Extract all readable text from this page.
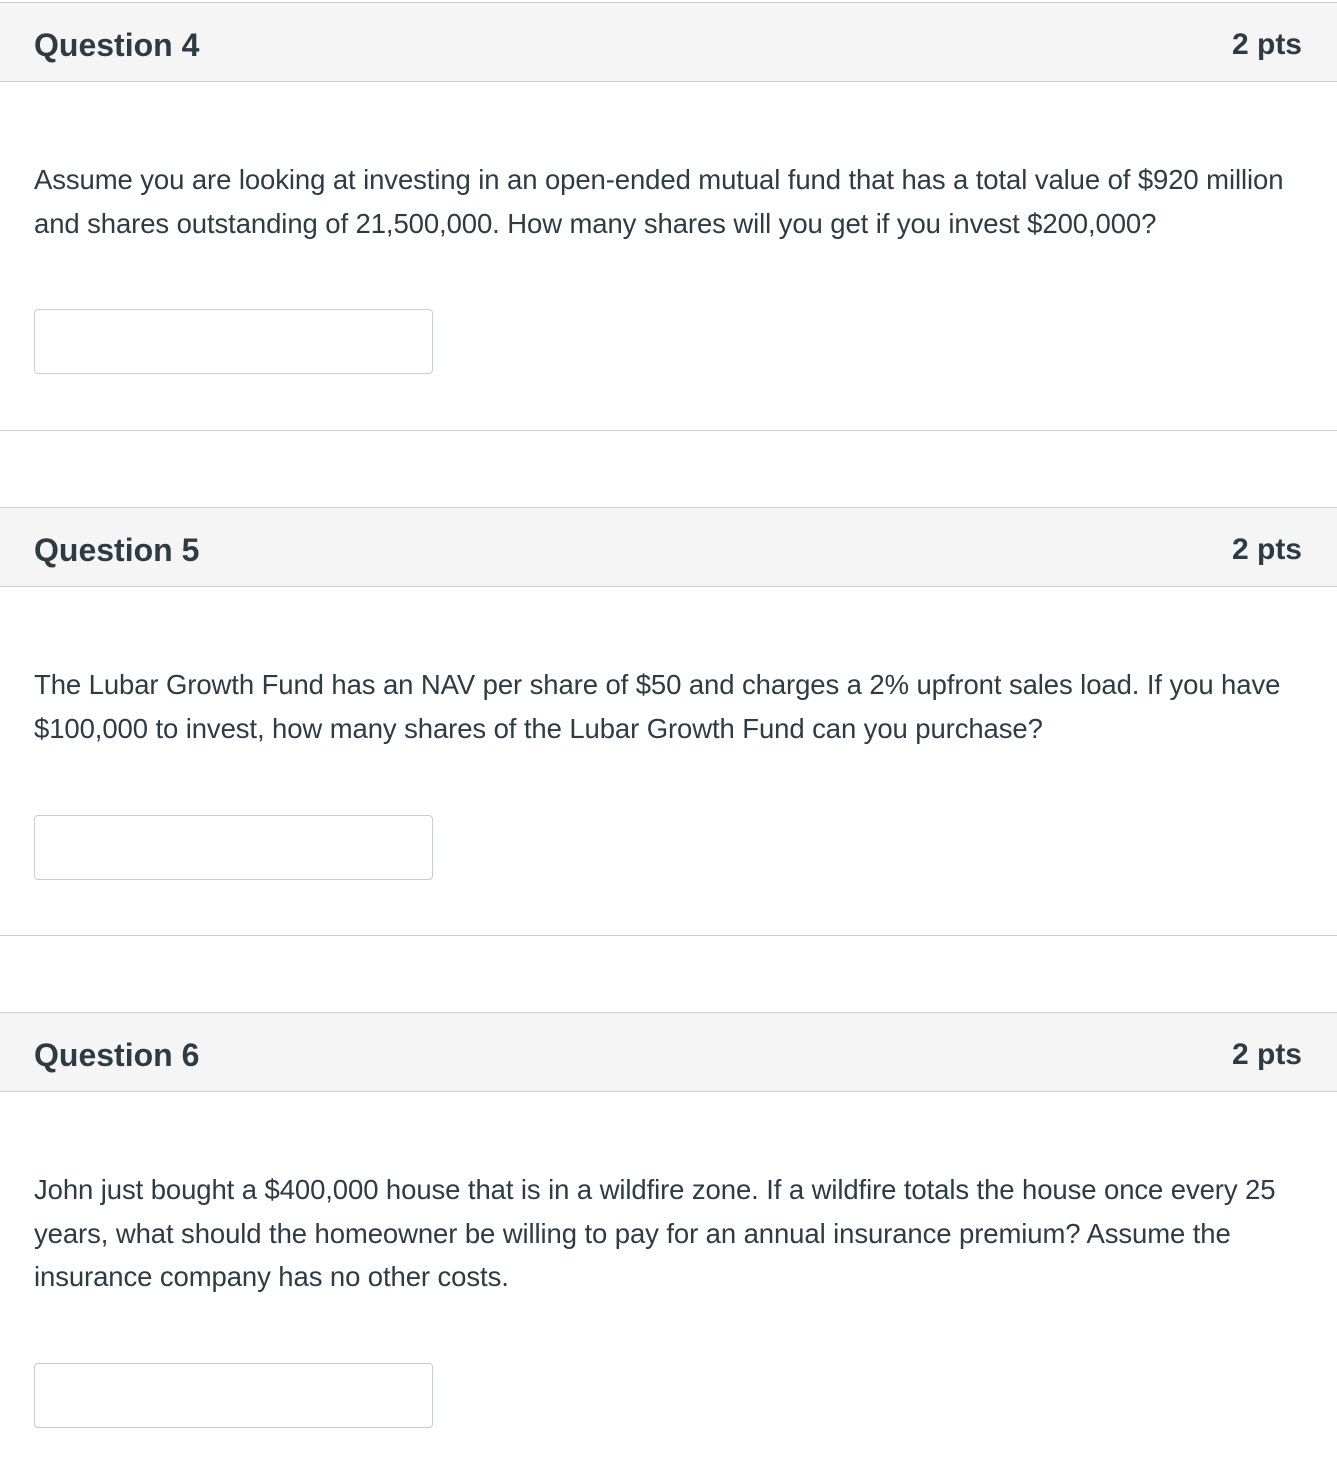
Question 4	2 pts
Assume you are looking at investing in an open-ended mutual fund that has a total value of $920 million and shares outstanding of 21,500,000. How many shares will you get if you invest $200,000?
Question 5	2 pts
The Lubar Growth Fund has an NAV per share of $50 and charges a 2% upfront sales load. If you have $100,000 to invest, how many shares of the Lubar Growth Fund can you purchase?
Question 6	2 pts
John just bought a $400,000 house that is in a wildfire zone. If a wildfire totals the house once every 25 years, what should the homeowner be willing to pay for an annual insurance premium? Assume the insurance company has no other costs.
